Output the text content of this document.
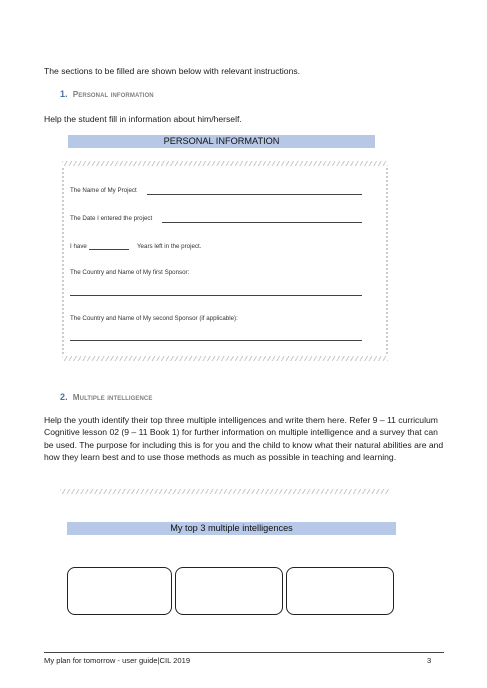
The sections to be filled are shown below with relevant instructions.
1. Personal information
Help the student fill in information about him/herself.
PERSONAL INFORMATION
The Name of My Project
The Date I entered the project
I have	Years left in the project.
The Country and Name of My first Sponsor:
The Country and Name of My second Sponsor (if applicable):
2. Multiple intelligence
Help the youth identify their top three multiple intelligences and write them here. Refer 9 – 11 curriculum Cognitive lesson 02 (9 – 11 Book 1) for further information on multiple intelligence and a survey that can be used. The purpose for including this is for you and the child to know what their natural abilities are and how they learn best and to use those methods as much as possible in teaching and learning.
My top 3 multiple intelligences
My plan for tomorrow - user guide|CIL 2019	3
